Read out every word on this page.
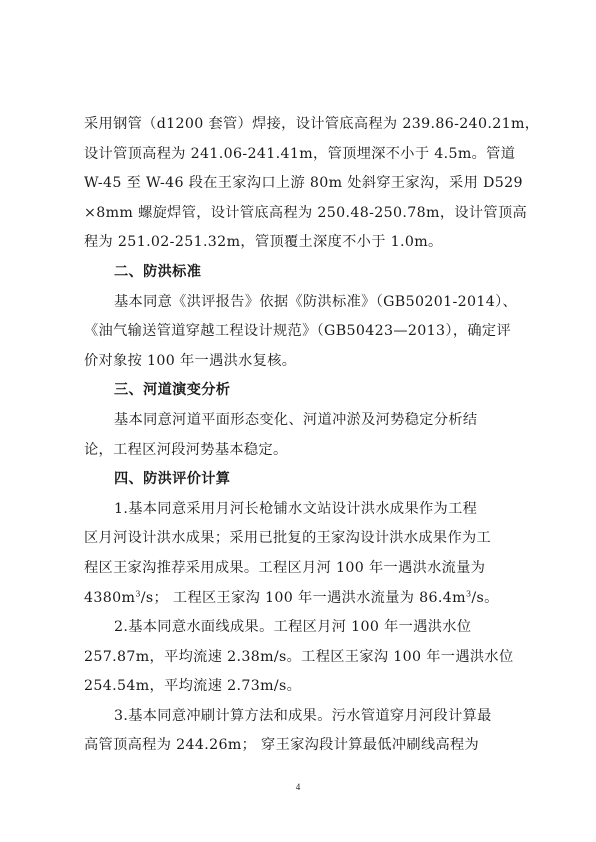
采用钢管（d1200 套管）焊接，设计管底高程为 239.86-240.21m，
设计管顶高程为 241.06-241.41m，管顶埋深不小于 4.5m。管道
W-45 至 W-46 段在王家沟口上游 80m 处斜穿王家沟，采用 D529
×8mm 螺旋焊管，设计管底高程为 250.48-250.78m，设计管顶高
程为 251.02-251.32m，管顶覆土深度不小于 1.0m。
二、防洪标准
基本同意《洪评报告》依据《防洪标准》（GB50201-2014）、
《油气输送管道穿越工程设计规范》（GB50423—2013），确定评
价对象按 100 年一遇洪水复核。
三、河道演变分析
基本同意河道平面形态变化、河道冲淤及河势稳定分析结
论，工程区河段河势基本稳定。
四、防洪评价计算
1.基本同意采用月河长枪铺水文站设计洪水成果作为工程
区月河设计洪水成果；采用已批复的王家沟设计洪水成果作为工
程区王家沟推荐采用成果。工程区月河 100 年一遇洪水流量为
$4380m^3/s$； 工程区王家沟 100 年一遇洪水流量为 $86.4m^3/s$。
2.基本同意水面线成果。工程区月河 100 年一遇洪水位
257.87m，平均流速 2.38m/s。工程区王家沟 100 年一遇洪水位
254.54m，平均流速 2.73m/s。
3.基本同意冲刷计算方法和成果。污水管道穿月河段计算最
高管顶高程为 244.26m； 穿王家沟段计算最低冲刷线高程为
4
